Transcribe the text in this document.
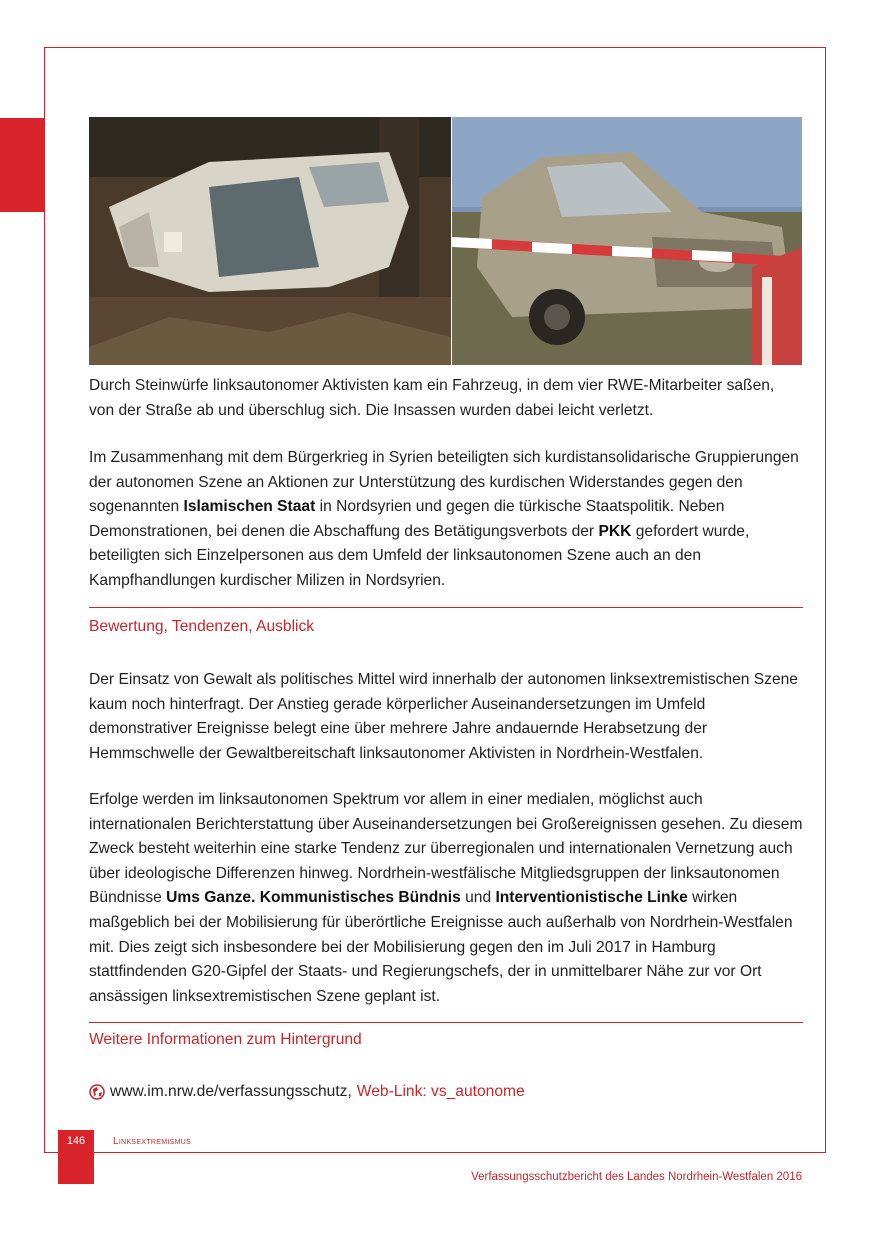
Durch Steinwürfe linksautonomer Aktivisten kam ein Fahrzeug, in dem vier RWE-Mitarbeiter saßen, von der Straße ab und überschlug sich. Die Insassen wurden dabei leicht verletzt.

Im Zusammenhang mit dem Bürgerkrieg in Syrien beteiligten sich kurdistansolidarische Gruppierungen der autonomen Szene an Aktionen zur Unterstützung des kurdischen Widerstandes gegen den sogenannten Islamischen Staat in Nordsyrien und gegen die türkische Staatspolitik. Neben Demonstrationen, bei denen die Abschaffung des Betätigungsverbots der PKK gefordert wurde, beteiligten sich Einzelpersonen aus dem Umfeld der linksautonomen Szene auch an den Kampfhandlungen kurdischer Milizen in Nordsyrien.

Bewertung, Tendenzen, Ausblick

Der Einsatz von Gewalt als politisches Mittel wird innerhalb der autonomen linksextremistischen Szene kaum noch hinterfragt. Der Anstieg gerade körperlicher Auseinandersetzungen im Umfeld demonstrativer Ereignisse belegt eine über mehrere Jahre andauernde Herabsetzung der Hemmschwelle der Gewaltbereitschaft linksautonomer Aktivisten in Nordrhein-Westfalen.

Erfolge werden im linksautonomen Spektrum vor allem in einer medialen, möglichst auch internationalen Berichterstattung über Auseinandersetzungen bei Großereignissen gesehen. Zu diesem Zweck besteht weiterhin eine starke Tendenz zur überregionalen und internationalen Vernetzung auch über ideologische Differenzen hinweg. Nordrhein-westfälische Mitgliedsgruppen der linksautonomen Bündnisse Ums Ganze. Kommunistisches Bündnis und Interventionistische Linke wirken maßgeblich bei der Mobilisierung für überörtliche Ereignisse auch außerhalb von Nordrhein-Westfalen mit. Dies zeigt sich insbesondere bei der Mobilisierung gegen den im Juli 2017 in Hamburg stattfindenden G20-Gipfel der Staats- und Regierungschefs, der in unmittelbarer Nähe zur vor Ort ansässigen linksextremistischen Szene geplant ist.

Weitere Informationen zum Hintergrund
www.im.nrw.de/verfassungsschutz, Web-Link: vs_autonome
146	Linksextremismus
Verfassungsschutzbericht des Landes Nordrhein-Westfalen 2016
